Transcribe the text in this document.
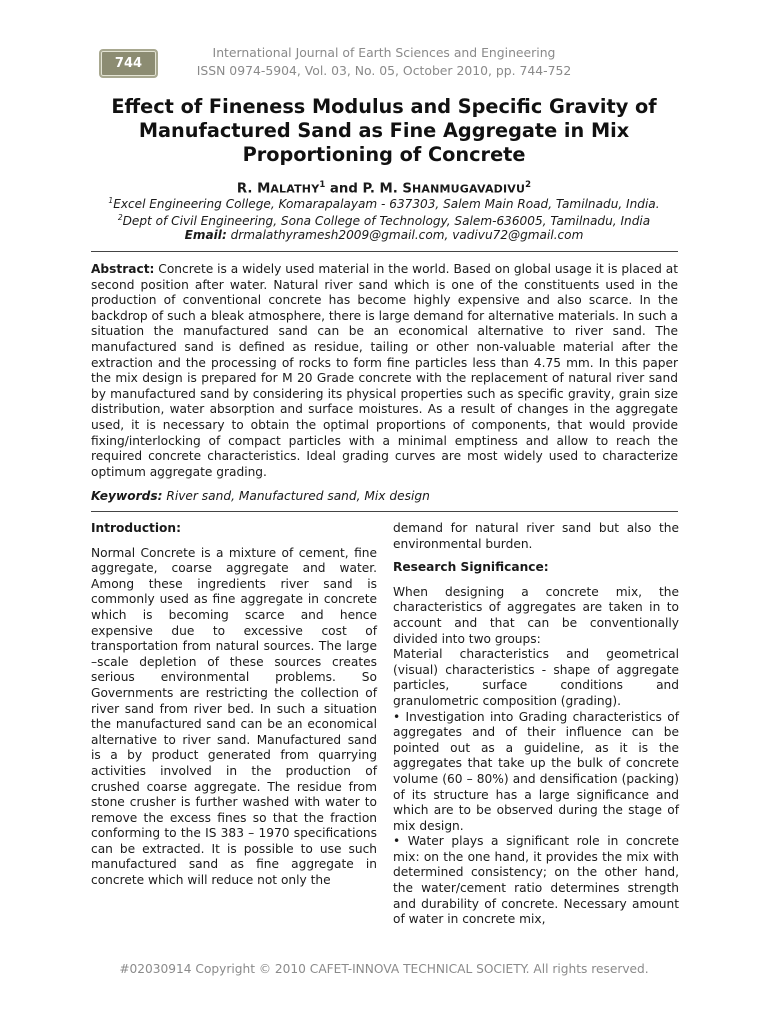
744
International Journal of Earth Sciences and Engineering
ISSN 0974-5904, Vol. 03, No. 05, October 2010, pp. 744-752
Effect of Fineness Modulus and Specific Gravity of
Manufactured Sand as Fine Aggregate in Mix
Proportioning of Concrete
R. MALATHY$^1$ and P. M. SHANMUGAVADIVU$^2$
$^1$Excel Engineering College, Komarapalayam - 637303, Salem Main Road, Tamilnadu, India.
$^2$Dept of Civil Engineering, Sona College of Technology, Salem-636005, Tamilnadu, India
Email: drmalathyramesh2009@gmail.com, vadivu72@gmail.com
Abstract: Concrete is a widely used material in the world. Based on global usage it is placed at second position after water. Natural river sand which is one of the constituents used in the production of conventional concrete has become highly expensive and also scarce. In the backdrop of such a bleak atmosphere, there is large demand for alternative materials. In such a situation the manufactured sand can be an economical alternative to river sand. The manufactured sand is defined as residue, tailing or other non-valuable material after the extraction and the processing of rocks to form fine particles less than 4.75 mm. In this paper the mix design is prepared for M 20 Grade concrete with the replacement of natural river sand by manufactured sand by considering its physical properties such as specific gravity, grain size distribution, water absorption and surface moistures. As a result of changes in the aggregate used, it is necessary to obtain the optimal proportions of components, that would provide fixing/interlocking of compact particles with a minimal emptiness and allow to reach the required concrete characteristics. Ideal grading curves are most widely used to characterize optimum aggregate grading.
Keywords: River sand, Manufactured sand, Mix design
Introduction:

Normal Concrete is a mixture of cement, fine aggregate, coarse aggregate and water. Among these ingredients river sand is commonly used as fine aggregate in concrete which is becoming scarce and hence expensive due to excessive cost of transportation from natural sources. The large –scale depletion of these sources creates serious environmental problems. So Governments are restricting the collection of river sand from river bed. In such a situation the manufactured sand can be an economical alternative to river sand. Manufactured sand is a by product generated from quarrying activities involved in the production of crushed coarse aggregate. The residue from stone crusher is further washed with water to remove the excess fines so that the fraction conforming to the IS 383 – 1970 specifications can be extracted. It is possible to use such manufactured sand as fine aggregate in concrete which will reduce not only the

demand for natural river sand but also the environmental burden.

Research Significance:

When designing a concrete mix, the characteristics of aggregates are taken in to account and that can be conventionally divided into two groups:

Material characteristics and geometrical (visual) characteristics - shape of aggregate particles, surface conditions and granulometric composition (grading).

• Investigation into Grading characteristics of aggregates and of their influence can be pointed out as a guideline, as it is the aggregates that take up the bulk of concrete volume (60 – 80%) and densification (packing) of its structure has a large significance and which are to be observed during the stage of mix design.

• Water plays a significant role in concrete mix: on the one hand, it provides the mix with determined consistency; on the other hand, the water/cement ratio determines strength and durability of concrete. Necessary amount of water in concrete mix,

#02030914 Copyright © 2010 CAFET-INNOVA TECHNICAL SOCIETY. All rights reserved.
